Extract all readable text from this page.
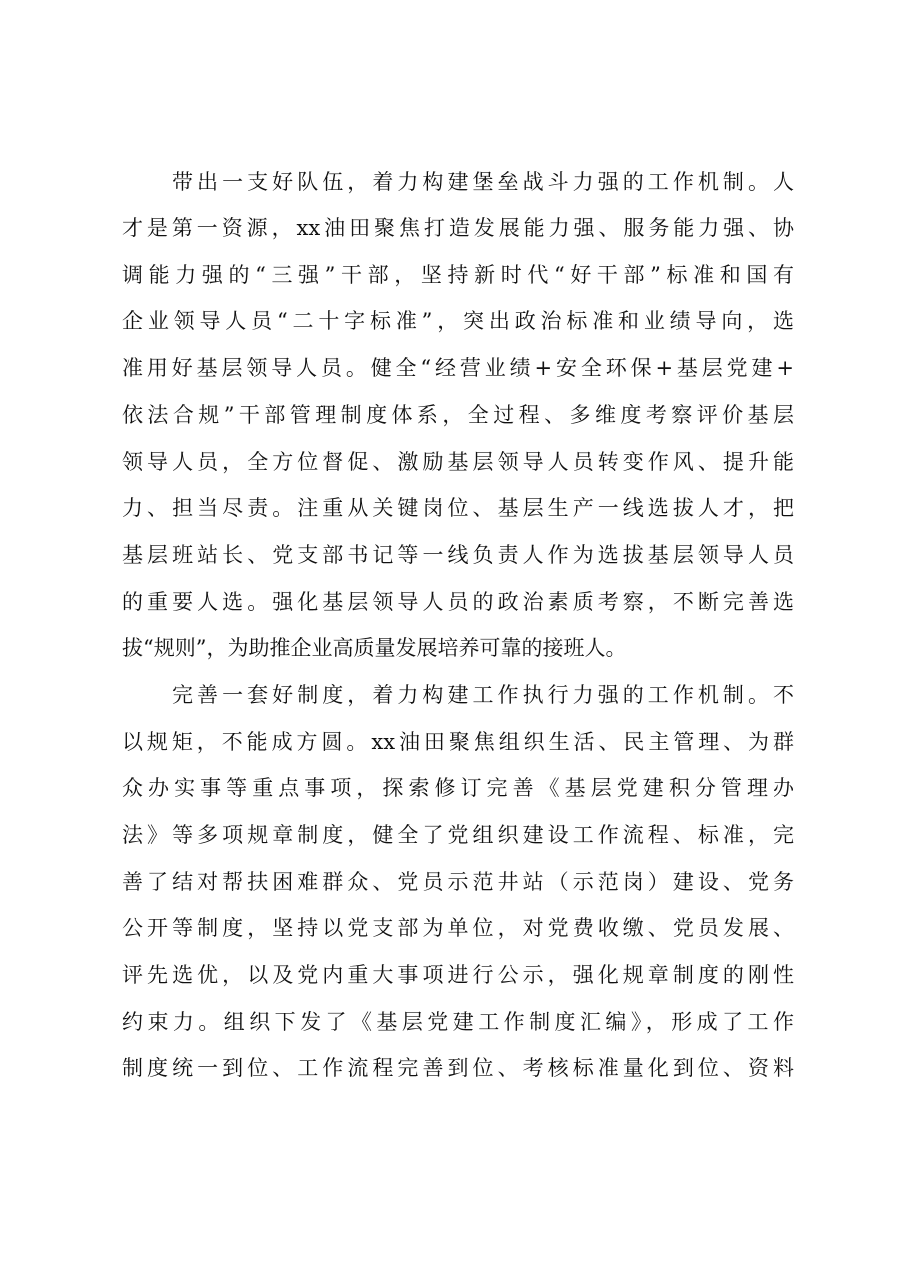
带出一支好队伍，着力构建堡垒战斗力强的工作机制。人
才是第一资源，xx油田聚焦打造发展能力强、服务能力强、协
调能力强的“三强”干部，坚持新时代“好干部”标准和国有
企业领导人员“二十字标准”，突出政治标准和业绩导向，选
准用好基层领导人员。健全“经营业绩+安全环保+基层党建+
依法合规”干部管理制度体系，全过程、多维度考察评价基层
领导人员，全方位督促、激励基层领导人员转变作风、提升能
力、担当尽责。注重从关键岗位、基层生产一线选拔人才，把
基层班站长、党支部书记等一线负责人作为选拔基层领导人员
的重要人选。强化基层领导人员的政治素质考察，不断完善选
拔“规则”，为助推企业高质量发展培养可靠的接班人。
完善一套好制度，着力构建工作执行力强的工作机制。不
以规矩，不能成方圆。xx油田聚焦组织生活、民主管理、为群
众办实事等重点事项，探索修订完善《基层党建积分管理办
法》等多项规章制度，健全了党组织建设工作流程、标准，完
善了结对帮扶困难群众、党员示范井站（示范岗）建设、党务
公开等制度，坚持以党支部为单位，对党费收缴、党员发展、
评先选优，以及党内重大事项进行公示，强化规章制度的刚性
约束力。组织下发了《基层党建工作制度汇编》，形成了工作
制度统一到位、工作流程完善到位、考核标准量化到位、资料
